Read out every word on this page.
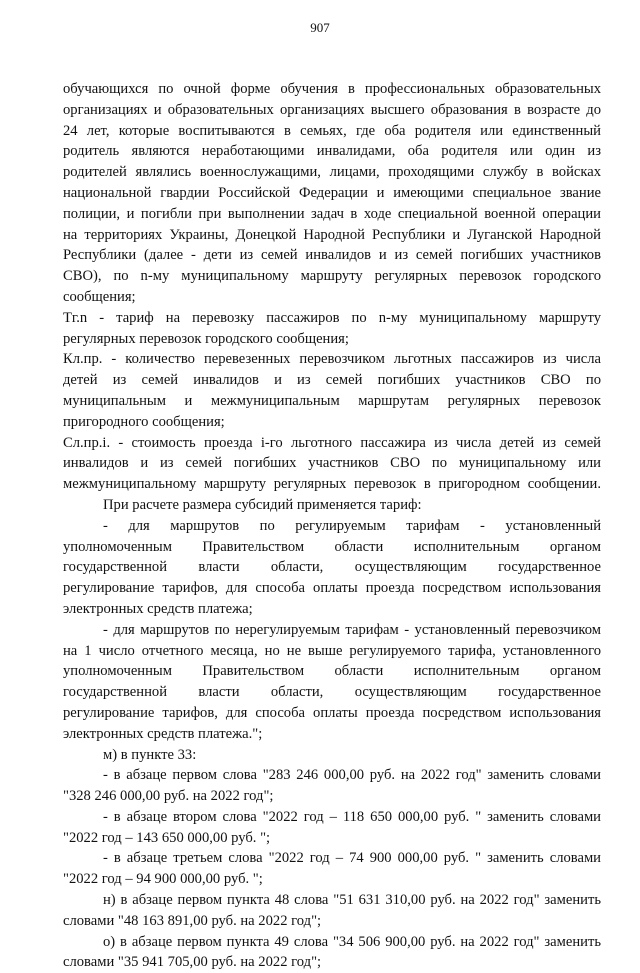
907
обучающихся по очной форме обучения в профессиональных образовательных
организациях и образовательных организациях высшего образования в возрасте до
24 лет, которые воспитываются в семьях, где оба родителя или единственный
родитель являются неработающими инвалидами, оба родителя или один из
родителей являлись военнослужащими, лицами, проходящими службу в войсках
национальной гвардии Российской Федерации и имеющими специальное звание
полиции, и погибли при выполнении задач в ходе специальной военной операции
на территориях Украины, Донецкой Народной Республики и Луганской Народной
Республики (далее - дети из семей инвалидов и из семей погибших участников
СВО), по n-му муниципальному маршруту регулярных перевозок городского
сообщения;
Тг.n - тариф на перевозку пассажиров по n-му муниципальному маршруту
регулярных перевозок городского сообщения;
Кл.пр. - количество перевезенных перевозчиком льготных пассажиров из числа
детей из семей инвалидов и из семей погибших участников СВО по
муниципальным и межмуниципальным маршрутам регулярных перевозок
пригородного сообщения;
Сл.пр.i. - стоимость проезда i-го льготного пассажира из числа детей из семей
инвалидов и из семей погибших участников СВО по муниципальному или
межмуниципальному маршруту регулярных перевозок в пригородном сообщении.
При расчете размера субсидий применяется тариф:
- для маршрутов по регулируемым тарифам - установленный
уполномоченным Правительством области исполнительным органом
государственной власти области, осуществляющим государственное
регулирование тарифов, для способа оплаты проезда посредством использования
электронных средств платежа;
- для маршрутов по нерегулируемым тарифам - установленный перевозчиком
на 1 число отчетного месяца, но не выше регулируемого тарифа, установленного
уполномоченным Правительством области исполнительным органом
государственной власти области, осуществляющим государственное
регулирование тарифов, для способа оплаты проезда посредством использования
электронных средств платежа.";
м) в пункте 33:
- в абзаце первом слова "283 246 000,00 руб. на 2022 год" заменить словами
"328 246 000,00 руб. на 2022 год";
- в абзаце втором слова "2022 год – 118 650 000,00 руб. " заменить словами
"2022 год – 143 650 000,00 руб. ";
- в абзаце третьем слова "2022 год – 74 900 000,00 руб. " заменить словами
"2022 год – 94 900 000,00 руб. ";
н) в абзаце первом пункта 48 слова "51 631 310,00 руб. на 2022 год" заменить
словами "48 163 891,00 руб. на 2022 год";
о) в абзаце первом пункта 49 слова "34 506 900,00 руб. на 2022 год" заменить
словами "35 941 705,00 руб. на 2022 год";
